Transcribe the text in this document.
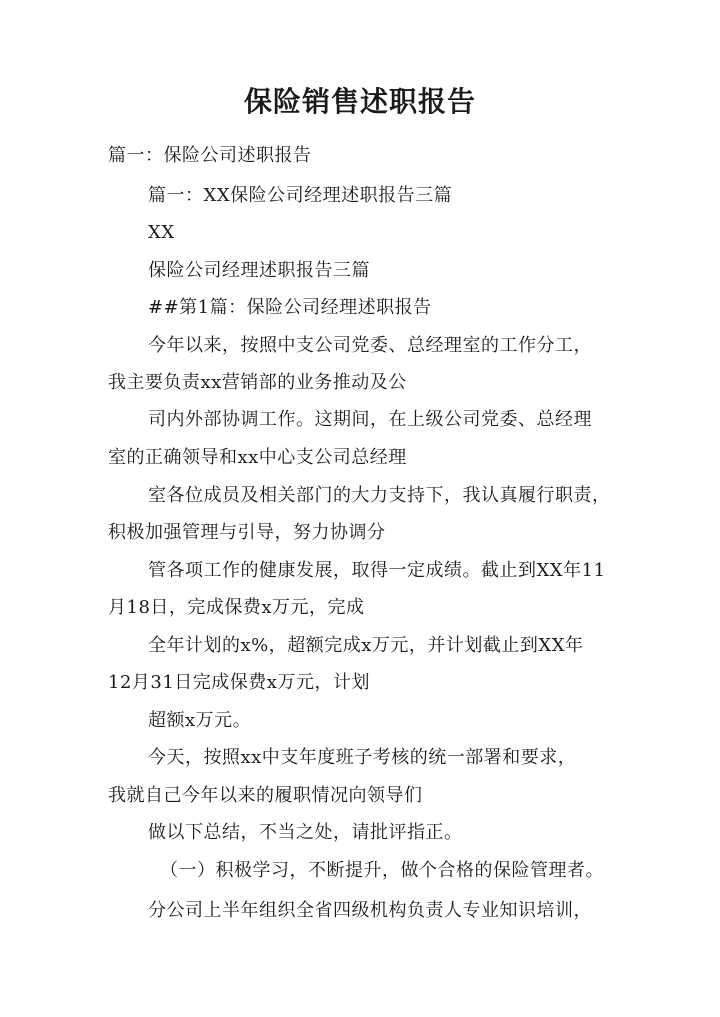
保险销售述职报告
篇一：保险公司述职报告
篇一：XX保险公司经理述职报告三篇
XX
保险公司经理述职报告三篇
##第1篇：保险公司经理述职报告
今年以来，按照中支公司党委、总经理室的工作分工，
我主要负责xx营销部的业务推动及公
司内外部协调工作。这期间，在上级公司党委、总经理
室的正确领导和xx中心支公司总经理
室各位成员及相关部门的大力支持下，我认真履行职责，
积极加强管理与引导，努力协调分
管各项工作的健康发展，取得一定成绩。截止到XX年11
月18日，完成保费x万元，完成
全年计划的x%，超额完成x万元，并计划截止到XX年
12月31日完成保费x万元，计划
超额x万元。
今天，按照xx中支年度班子考核的统一部署和要求，
我就自己今年以来的履职情况向领导们
做以下总结，不当之处，请批评指正。
（一）积极学习，不断提升，做个合格的保险管理者。
分公司上半年组织全省四级机构负责人专业知识培训，
